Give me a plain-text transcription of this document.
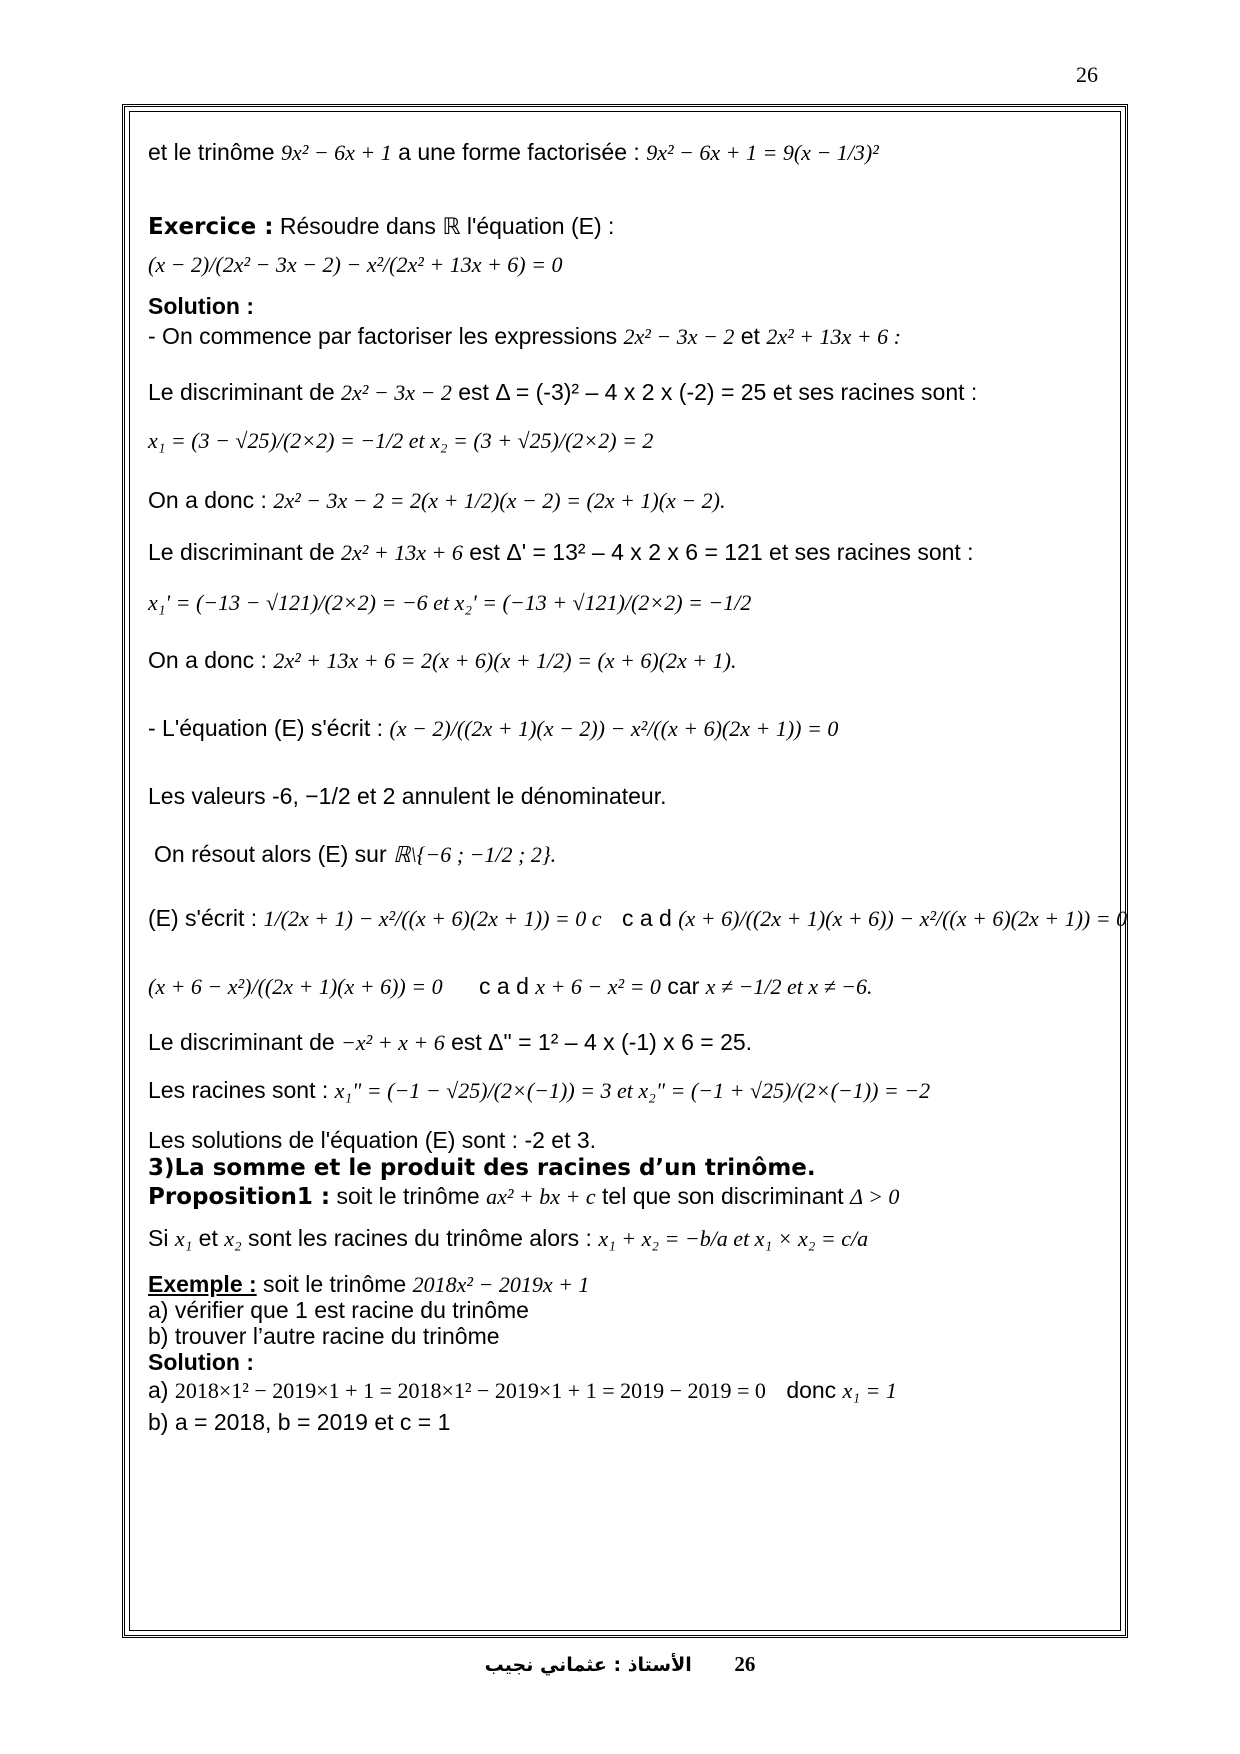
26
et le trinôme 9x² − 6x + 1 a une forme factorisée : 9x² − 6x + 1 = 9(x − 1/3)²
Exercice : Résoudre dans ℝ l'équation (E) :
(x − 2)/(2x² − 3x − 2) − x²/(2x² + 13x + 6) = 0
Solution :
- On commence par factoriser les expressions 2x² − 3x − 2 et 2x² + 13x + 6 :
Le discriminant de 2x² − 3x − 2 est Δ = (-3)² – 4 x 2 x (-2) = 25 et ses racines sont :
x₁ = (3 − √25)/(2×2) = −1/2 et x₂ = (3 + √25)/(2×2) = 2
On a donc : 2x² − 3x − 2 = 2(x + 1/2)(x − 2) = (2x + 1)(x − 2).
Le discriminant de 2x² + 13x + 6 est Δ' = 13² – 4 x 2 x 6 = 121 et ses racines sont :
x₁' = (−13 − √121)/(2×2) = −6 et x₂' = (−13 + √121)/(2×2) = −1/2
On a donc : 2x² + 13x + 6 = 2(x + 6)(x + 1/2) = (x + 6)(2x + 1).
- L'équation (E) s'écrit : (x − 2)/((2x + 1)(x − 2)) − x²/((x + 6)(2x + 1)) = 0
Les valeurs -6, −1/2 et 2 annulent le dénominateur.
On résout alors (E) sur ℝ\{−6 ; −1/2 ; 2}.
(E) s'écrit : 1/(2x + 1) − x²/((x + 6)(2x + 1)) = 0 c c a d (x + 6)/((2x + 1)(x + 6)) − x²/((x + 6)(2x + 1)) = 0
(x + 6 − x²)/((2x + 1)(x + 6)) = 0 c a d x + 6 − x² = 0 car x ≠ −1/2 et x ≠ −6.
Le discriminant de −x² + x + 6 est Δ" = 1² – 4 x (-1) x 6 = 25.
Les racines sont : x₁" = (−1 − √25)/(2×(−1)) = 3 et x₂" = (−1 + √25)/(2×(−1)) = −2
Les solutions de l'équation (E) sont : -2 et 3.
3)La somme et le produit des racines d’un trinôme.
Proposition1 : soit le trinôme ax² + bx + c tel que son discriminant Δ > 0
Si x₁ et x₂ sont les racines du trinôme alors : x₁ + x₂ = −b/a et x₁ × x₂ = c/a
Exemple : soit le trinôme 2018x² − 2019x + 1
a) vérifier que 1 est racine du trinôme
b) trouver l’autre racine du trinôme
Solution :
a) 2018×1² − 2019×1 + 1 = 2018×1² − 2019×1 + 1 = 2019 − 2019 = 0 donc x₁ = 1
b) a = 2018, b = 2019 et c = 1
الأستاذ : عثماني نجيب 26
